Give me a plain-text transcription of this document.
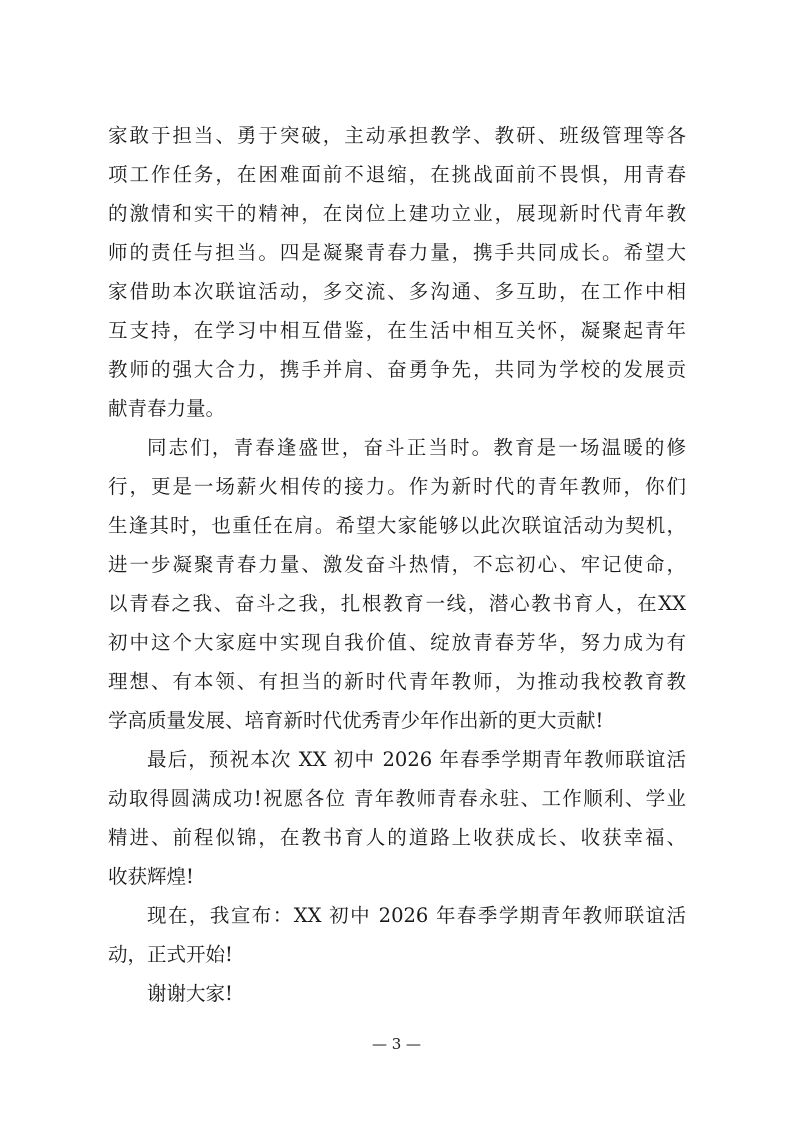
家敢于担当、勇于突破，主动承担教学、教研、班级管理等各
项工作任务，在困难面前不退缩，在挑战面前不畏惧，用青春
的激情和实干的精神，在岗位上建功立业，展现新时代青年教
师的责任与担当。四是凝聚青春力量，携手共同成长。希望大
家借助本次联谊活动，多交流、多沟通、多互助，在工作中相
互支持，在学习中相互借鉴，在生活中相互关怀，凝聚起青年
教师的强大合力，携手并肩、奋勇争先，共同为学校的发展贡
献青春力量。
同志们，青春逢盛世，奋斗正当时。教育是一场温暖的修
行，更是一场薪火相传的接力。作为新时代的青年教师，你们
生逢其时，也重任在肩。希望大家能够以此次联谊活动为契机，
进一步凝聚青春力量、激发奋斗热情，不忘初心、牢记使命，
以青春之我、奋斗之我，扎根教育一线，潜心教书育人，在XX
初中这个大家庭中实现自我价值、绽放青春芳华，努力成为有
理想、有本领、有担当的新时代青年教师，为推动我校教育教
学高质量发展、培育新时代优秀青少年作出新的更大贡献!
最后，预祝本次 XX 初中 2026 年春季学期青年教师联谊活
动取得圆满成功!祝愿各位 青年教师青春永驻、工作顺利、学业
精进、前程似锦，在教书育人的道路上收获成长、收获幸福、
收获辉煌!
现在，我宣布：XX 初中 2026 年春季学期青年教师联谊活
动，正式开始!
谢谢大家!
— 3 —
